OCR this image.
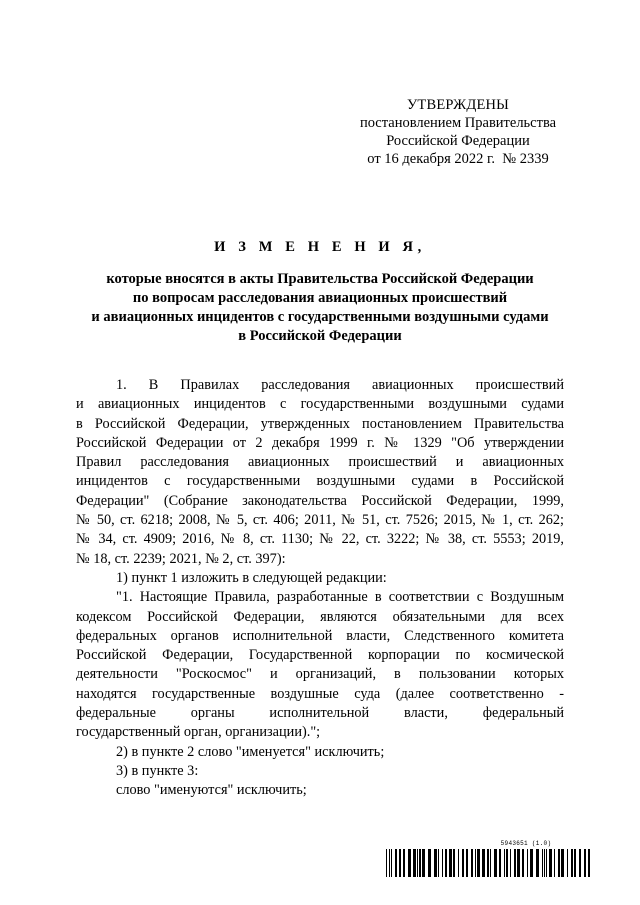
УТВЕРЖДЕНЫ
постановлением Правительства
Российской Федерации
от 16 декабря 2022 г.  № 2339
И З М Е Н Е Н И Я,
которые вносятся в акты Правительства Российской Федерации
по вопросам расследования авиационных происшествий
и авиационных инцидентов с государственными воздушными судами
в Российской Федерации

1. В Правилах расследования авиационных происшествий
и авиационных инцидентов с государственными воздушными судами
в Российской Федерации, утвержденных постановлением Правительства
Российской Федерации от 2 декабря 1999 г. № 1329 "Об утверждении
Правил расследования авиационных происшествий и авиационных
инцидентов с государственными воздушными судами в Российской
Федерации" (Собрание законодательства Российской Федерации, 1999,
№ 50, ст. 6218; 2008, № 5, ст. 406; 2011, № 51, ст. 7526; 2015, № 1, ст. 262;
№ 34, ст. 4909; 2016, № 8, ст. 1130; № 22, ст. 3222; № 38, ст. 5553; 2019,
№ 18, ст. 2239; 2021, № 2, ст. 397):

1) пункт 1 изложить в следующей редакции:

"1. Настоящие Правила, разработанные в соответствии с Воздушным
кодексом Российской Федерации, являются обязательными для всех
федеральных органов исполнительной власти, Следственного комитета
Российской Федерации, Государственной корпорации по космической
деятельности "Роскосмос" и организаций, в пользовании которых
находятся государственные воздушные суда (далее соответственно -
федеральные органы исполнительной власти, федеральный
государственный орган, организации).";

2) в пункте 2 слово "именуется" исключить;

3) в пункте 3:

слово "именуются" исключить;

5943651 (1.0)
